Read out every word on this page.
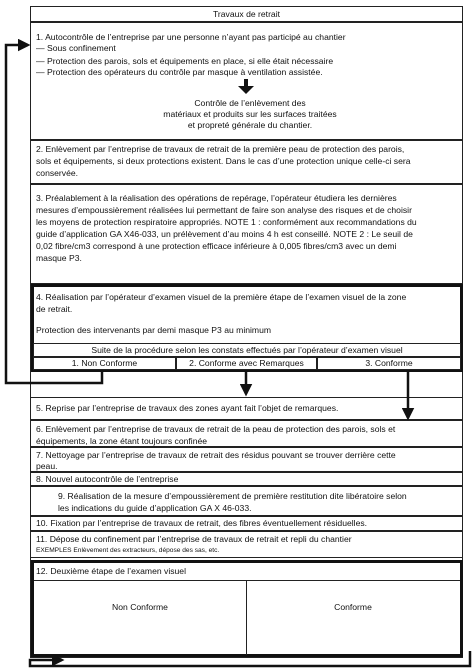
Travaux de retrait
1. Autocontrôle de l’entreprise par une personne n’ayant pas participé au chantier
— Sous confinement
— Protection des parois, sols et équipements en place, si elle était nécessaire
— Protection des opérateurs du contrôle par masque à ventilation assistée.
Contrôle de l’enlèvement des
matériaux et produits sur les surfaces traitées
et propreté générale du chantier.
2. Enlèvement par l’entreprise de travaux de retrait de la première peau de protection des parois,
sols et équipements, si deux protections existent. Dans le cas d’une protection unique celle-ci sera
conservée.
3. Préalablement à la réalisation des opérations de repérage, l’opérateur étudiera les dernières
mesures d’empoussièrement réalisées lui permettant de faire son analyse des risques et de choisir
les moyens de protection respiratoire appropriés. NOTE 1 : conformément aux recommandations du
guide d’application GA X46-033, un prélèvement d’au moins 4 h est conseillé. NOTE 2 : Le seuil de
0,02 fibre/cm3 correspond à une protection efficace inférieure à 0,005 fibres/cm3 avec un demi
masque P3.
4. Réalisation par l’opérateur d’examen visuel de la première étape de l’examen visuel de la zone
de retrait.
Protection des intervenants par demi masque P3 au minimum
Suite de la procédure selon les constats effectués par l’opérateur d’examen visuel
1. Non Conforme	2. Conforme avec Remarques	3. Conforme
5. Reprise par l’entreprise de travaux des zones ayant fait l’objet de remarques.
6. Enlèvement par l’entreprise de travaux de retrait de la peau de protection des parois, sols et
équipements, la zone étant toujours confinée
7. Nettoyage par l’entreprise de travaux de retrait des résidus pouvant se trouver derrière cette
peau.
8. Nouvel autocontrôle de l’entreprise
9. Réalisation de la mesure d’empoussièrement de première restitution dite libératoire selon
les indications du guide d’application GA X 46-033.
10. Fixation par l’entreprise de travaux de retrait, des fibres éventuellement résiduelles.
11. Dépose du confinement par l’entreprise de travaux de retrait et repli du chantier
EXEMPLES Enlèvement des extracteurs, dépose des sas, etc.
12. Deuxième étape de l’examen visuel
Non Conforme	Conforme
